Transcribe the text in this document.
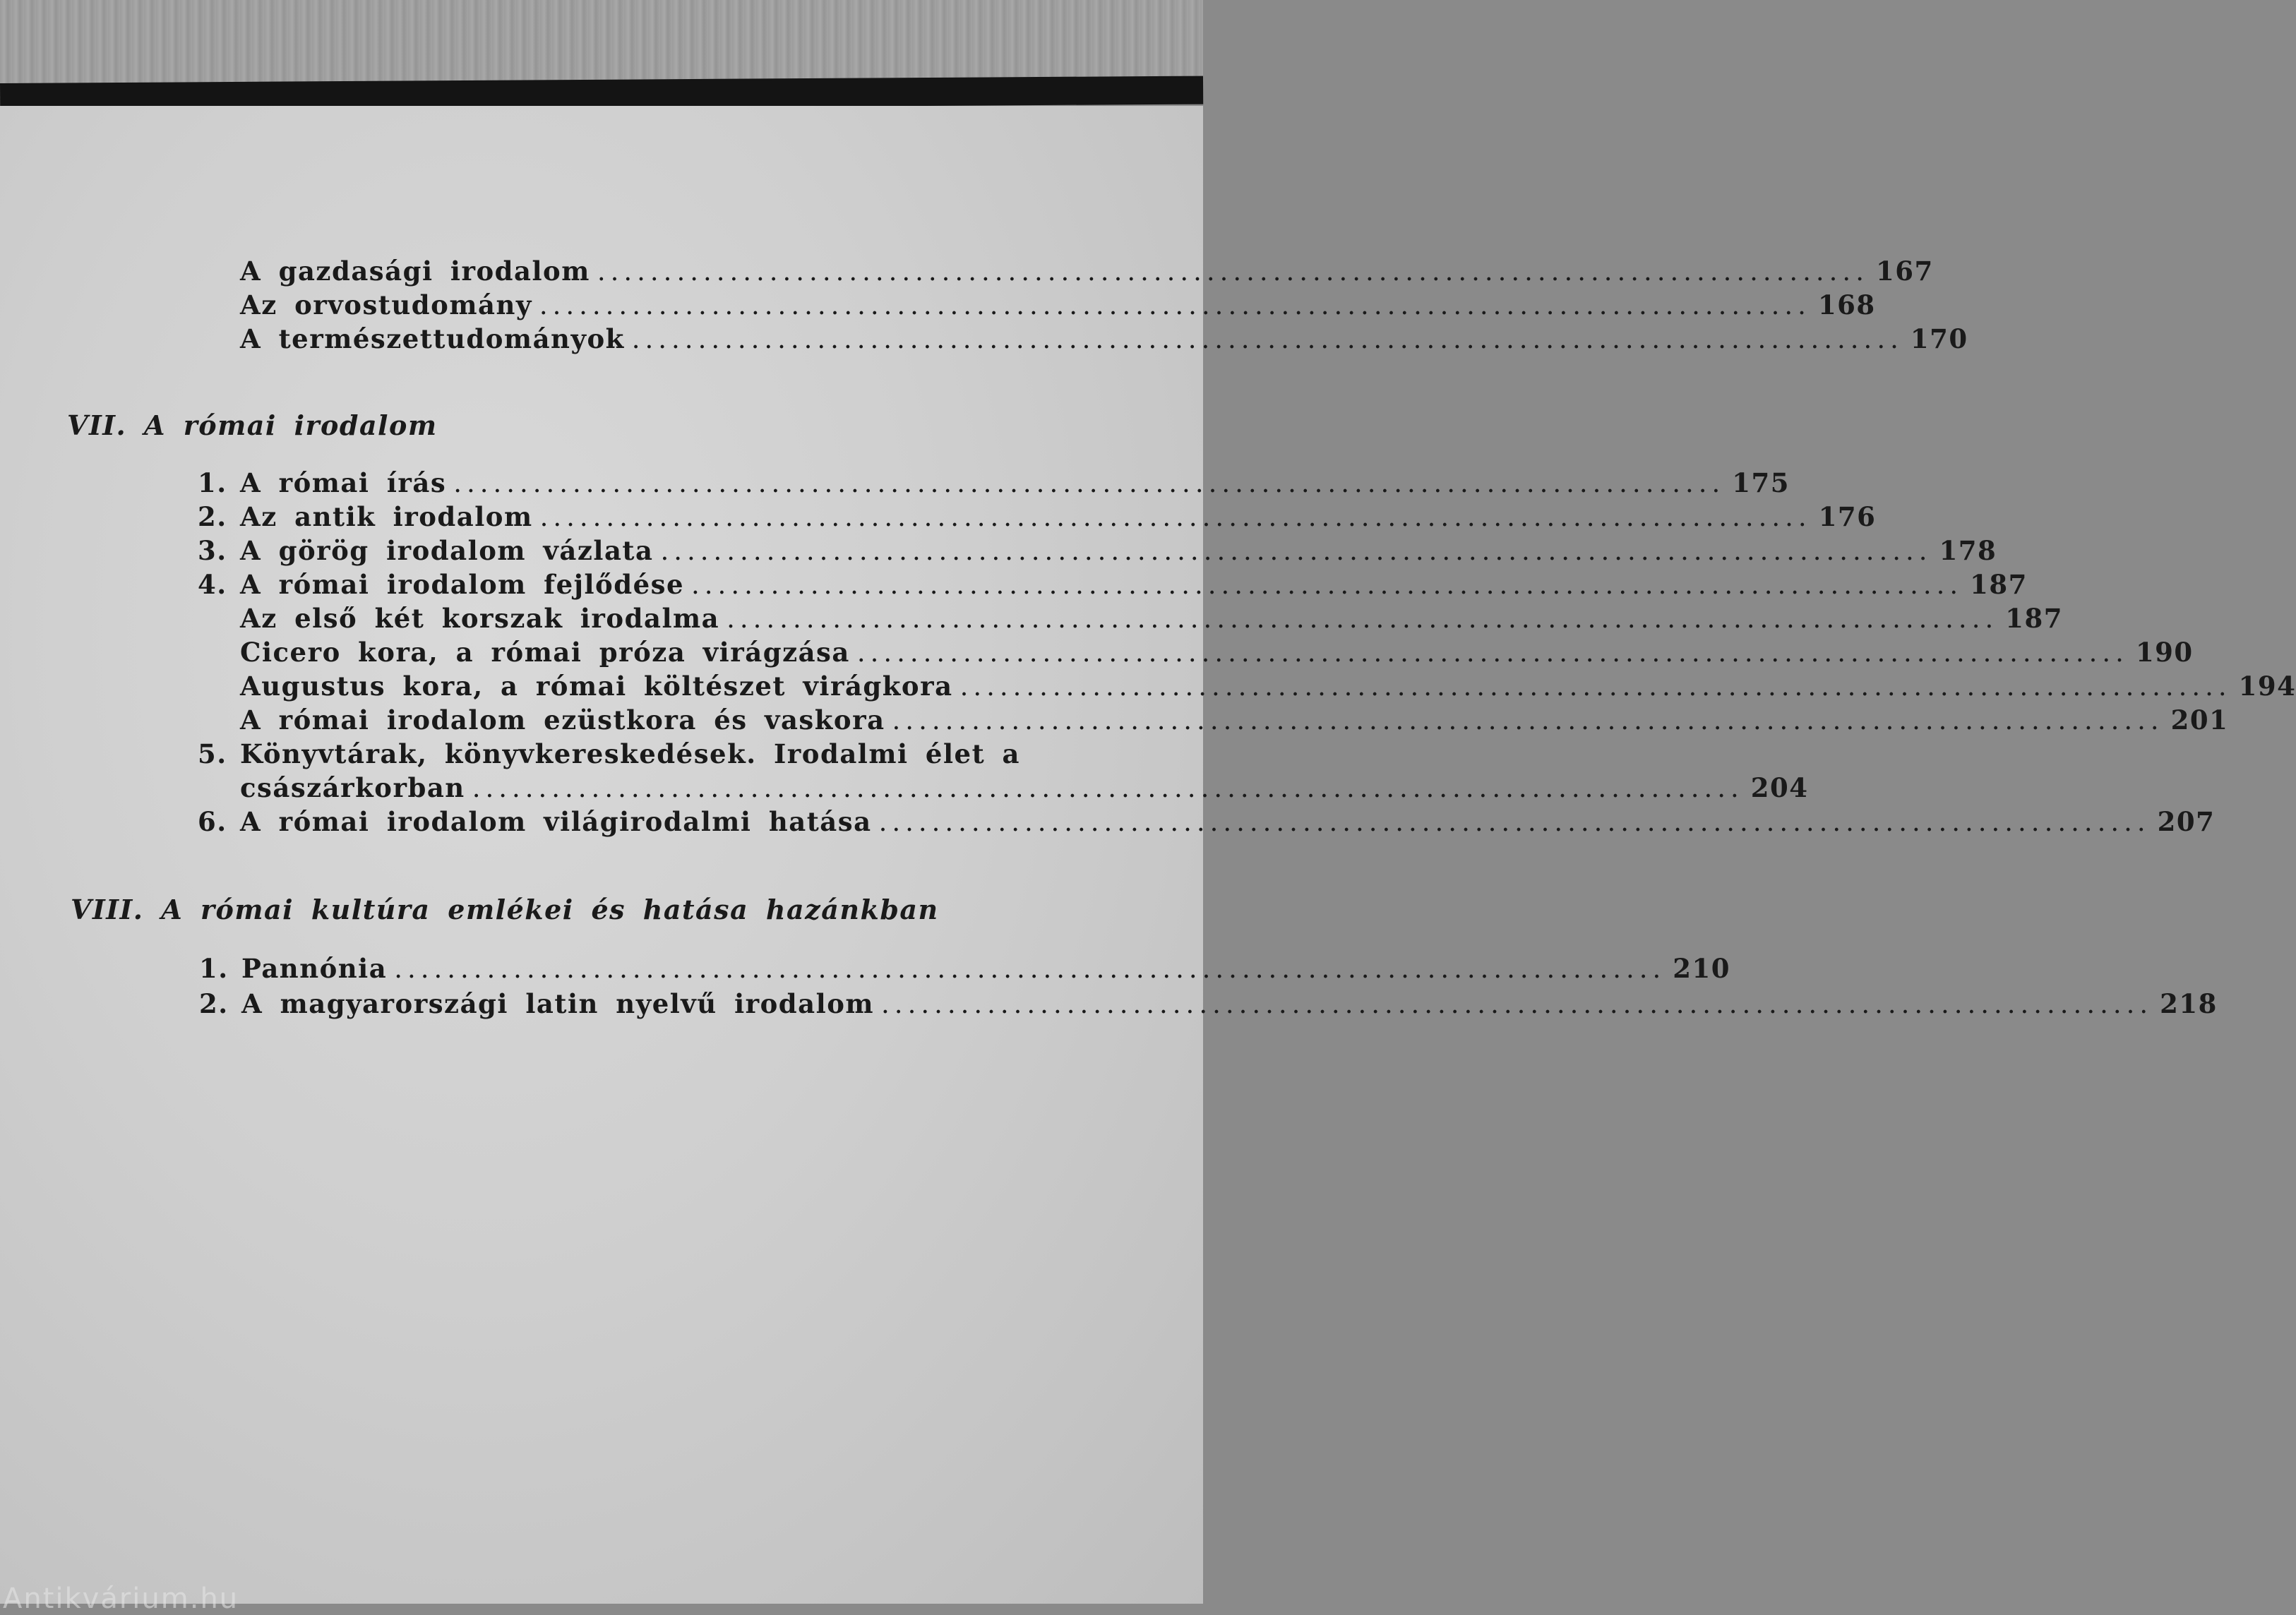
A gazdasági irodalom ................................................................................................ 167
Az orvostudomány ................................................................................................ 168
A természettudományok ................................................................................................ 170
VII. A római irodalom
1. A római írás ................................................................................................ 175
2. Az antik irodalom ................................................................................................ 176
3. A görög irodalom vázlata ................................................................................................ 178
4. A római irodalom fejlődése ................................................................................................ 187
Az első két korszak irodalma ................................................................................................ 187
Cicero kora, a római próza virágzása ................................................................................................ 190
Augustus kora, a római költészet virágkora ................................................................................................ 194
A római irodalom ezüstkora és vaskora ................................................................................................ 201
5. Könyvtárak, könyvkereskedések. Irodalmi élet a
császárkorban ................................................................................................ 204
6. A római irodalom világirodalmi hatása ................................................................................................ 207
VIII. A római kultúra emlékei és hatása hazánkban
1. Pannónia ................................................................................................ 210
2. A magyarországi latin nyelvű irodalom ................................................................................................ 218
Antikvárium.hu
